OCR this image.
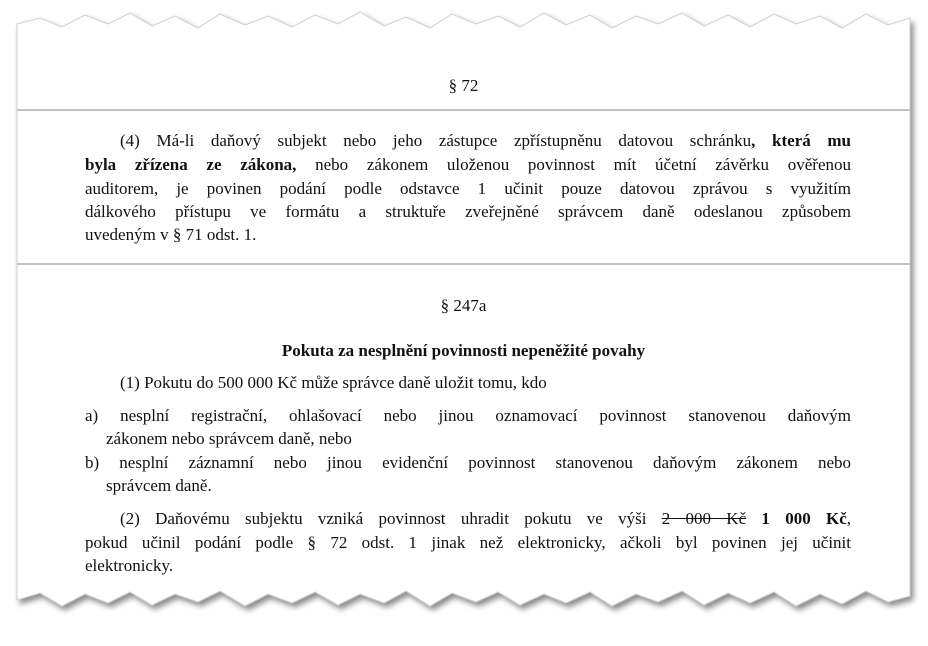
§ 72
(4) Má-li daňový subjekt nebo jeho zástupce zpřístupněnu datovou schránku, která mu
byla zřízena ze zákona, nebo zákonem uloženou povinnost mít účetní závěrku ověřenou
auditorem, je povinen podání podle odstavce 1 učinit pouze datovou zprávou s využitím
dálkového přístupu ve formátu a struktuře zveřejněné správcem daně odeslanou způsobem
uvedeným v § 71 odst. 1.
§ 247a
Pokuta za nesplnění povinnosti nepeněžité povahy
(1) Pokutu do 500 000 Kč může správce daně uložit tomu, kdo
a) nesplní registrační, ohlašovací nebo jinou oznamovací povinnost stanovenou daňovým
zákonem nebo správcem daně, nebo
b) nesplní záznamní nebo jinou evidenční povinnost stanovenou daňovým zákonem nebo
správcem daně.
(2) Daňovému subjektu vzniká povinnost uhradit pokutu ve výši 2 000 Kč 1 000 Kč,
pokud učinil podání podle § 72 odst. 1 jinak než elektronicky, ačkoli byl povinen jej učinit
elektronicky.
